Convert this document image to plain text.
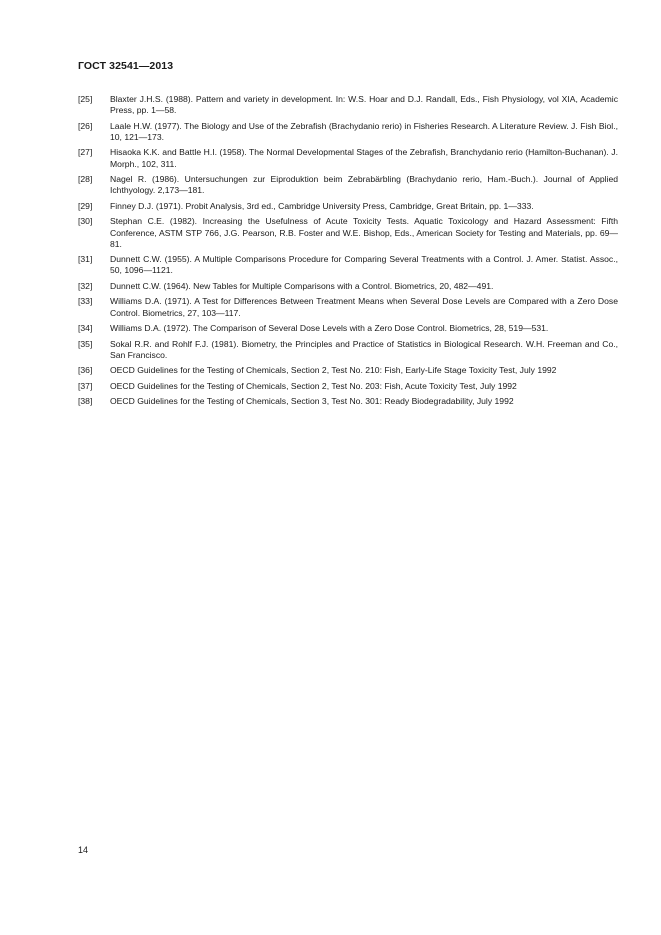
ГОСТ 32541—2013
[25] Blaxter J.H.S. (1988). Pattern and variety in development. In: W.S. Hoar and D.J. Randall, Eds., Fish Physiology, vol XIA, Academic Press, pp. 1—58.
[26] Laale H.W. (1977). The Biology and Use of the Zebrafish (Brachydanio rerio) in Fisheries Research. A Literature Review. J. Fish Biol., 10, 121—173.
[27] Hisaoka K.K. and Battle H.I. (1958). The Normal Developmental Stages of the Zebrafish, Branchydanio rerio (Hamilton-Buchanan). J. Morph., 102, 311.
[28] Nagel R. (1986). Untersuchungen zur Eiproduktion beim Zebrabärbling (Brachydanio rerio, Ham.-Buch.). Journal of Applied Ichthyology. 2,173—181.
[29] Finney D.J. (1971). Probit Analysis, 3rd ed., Cambridge University Press, Cambridge, Great Britain, pp. 1—333.
[30] Stephan C.E. (1982). Increasing the Usefulness of Acute Toxicity Tests. Aquatic Toxicology and Hazard Assessment: Fifth Conference, ASTM STP 766, J.G. Pearson, R.B. Foster and W.E. Bishop, Eds., American Society for Testing and Materials, pp. 69—81.
[31] Dunnett C.W. (1955). A Multiple Comparisons Procedure for Comparing Several Treatments with a Control. J. Amer. Statist. Assoc., 50, 1096—1121.
[32] Dunnett C.W. (1964). New Tables for Multiple Comparisons with a Control. Biometrics, 20, 482—491.
[33] Williams D.A. (1971). A Test for Differences Between Treatment Means when Several Dose Levels are Compared with a Zero Dose Control. Biometrics, 27, 103—117.
[34] Williams D.A. (1972). The Comparison of Several Dose Levels with a Zero Dose Control. Biometrics, 28, 519—531.
[35] Sokal R.R. and Rohlf F.J. (1981). Biometry, the Principles and Practice of Statistics in Biological Research. W.H. Freeman and Co., San Francisco.
[36] OECD Guidelines for the Testing of Chemicals, Section 2, Test No. 210: Fish, Early-Life Stage Toxicity Test, July 1992
[37] OECD Guidelines for the Testing of Chemicals, Section 2, Test No. 203: Fish, Acute Toxicity Test, July 1992
[38] OECD Guidelines for the Testing of Chemicals, Section 3, Test No. 301: Ready Biodegradability, July 1992
14
